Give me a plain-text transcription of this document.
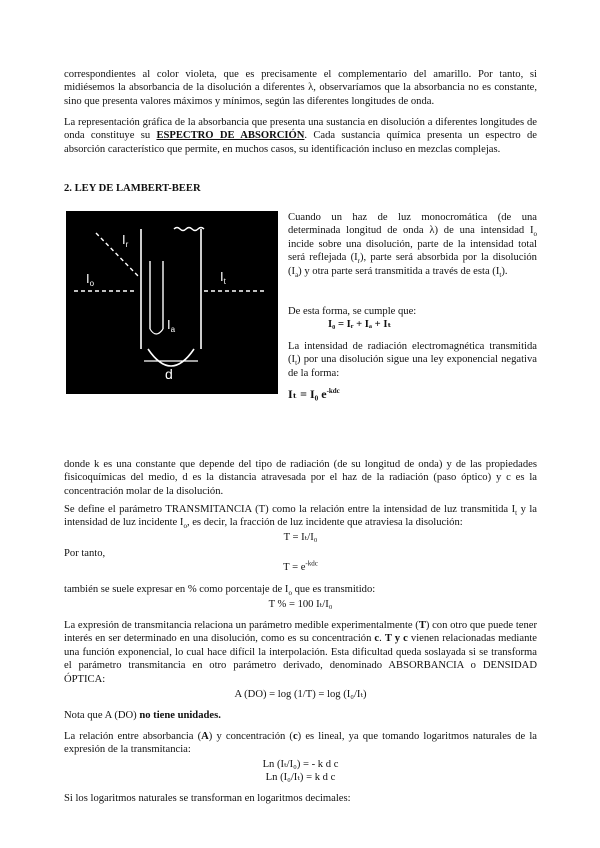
correspondientes al color violeta, que es precisamente el complementario del amarillo. Por tanto, si midiésemos la absorbancia de la disolución a diferentes λ, observaríamos que la absorbancia no es constante, sino que presenta valores máximos y mínimos, según las diferentes longitudes de onda.

La representación gráfica de la absorbancia que presenta una sustancia en disolución a diferentes longitudes de onda constituye su ESPECTRO DE ABSORCIÓN. Cada sustancia química presenta un espectro de absorción característico que permite, en muchos casos, su identificación incluso en mezclas complejas.

2. LEY DE LAMBERT-BEER

$I_r$
$I_o$	$I_t$
$I_a$
d

Cuando un haz de luz monocromática (de una determinada longitud de onda λ) de una intensidad $I_o$ incide sobre una disolución, parte de la intensidad total será reflejada $(I_r)$, parte será absorbida por la disolución $(I_a)$ y otra parte será transmitida a través de esta $(I_t)$.

De esta forma, se cumple que:

I₀ = Iᵣ + Iₐ + Iₜ

La intensidad de radiación electromagnética transmitida $(I_t)$ por una disolución sigue una ley exponencial negativa de la forma:

Iₜ = I₀ $e^{-kdc}$

donde k es una constante que depende del tipo de radiación (de su longitud de onda) y de las propiedades fisicoquímicas del medio, d es la distancia atravesada por el haz de la radiación (paso óptico) y c es la concentración molar de la disolución.

Se define el parámetro TRANSMITANCIA (T) como la relación entre la intensidad de luz transmitida $I_t$ y la intensidad de luz incidente $I_o$, es decir, la fracción de luz incidente que atraviesa la disolución:

T = Iₜ/I₀

Por tanto,

$T = e^{-kdc}$

también se suele expresar en % como porcentaje de $I_o$ que es transmitido:

T % = 100 Iₜ/I₀

La expresión de transmitancia relaciona un parámetro medible experimentalmente (T) con otro que puede tener interés en ser determinado en una disolución, como es su concentración c. T y c vienen relacionadas mediante una función exponencial, lo cual hace difícil la interpolación. Esta dificultad queda soslayada si se transforma el parámetro transmitancia en otro parámetro derivado, denominado ABSORBANCIA o DENSIDAD ÓPTICA:

A (DO) = log (1/T) = log (I₀/Iₜ)

Nota que A (DO) no tiene unidades.

La relación entre absorbancia (A) y concentración (c) es lineal, ya que tomando logaritmos naturales de la expresión de la transmitancia:

Ln (Iₜ/I₀) = - k d c

Ln (I₀/Iₜ) = k d c

Si los logaritmos naturales se transforman en logaritmos decimales:
